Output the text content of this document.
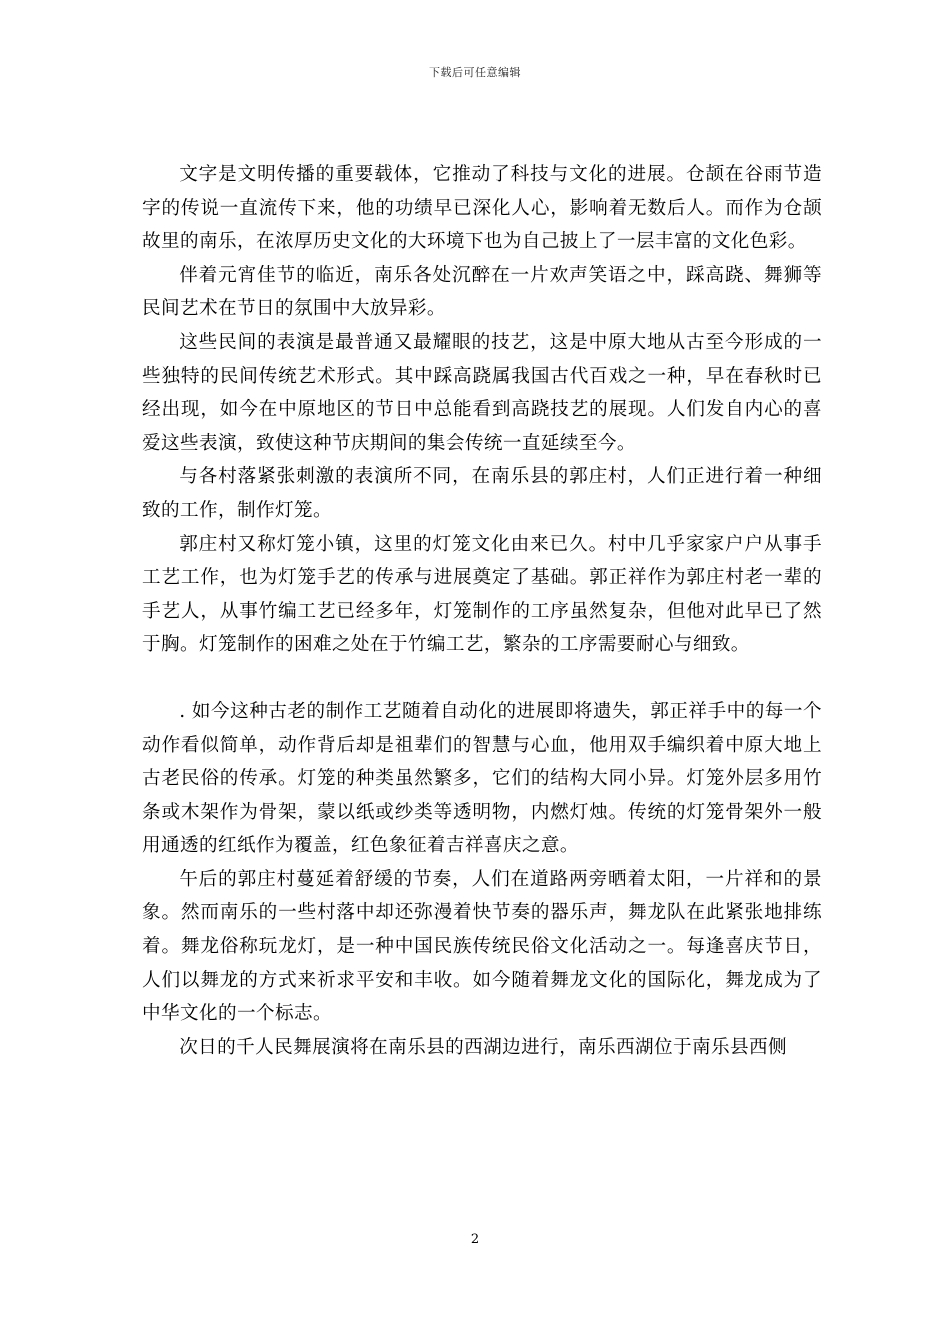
下载后可任意编辑

文字是文明传播的重要载体，它推动了科技与文化的进展。仓颉在谷雨节造字的传说一直流传下来，他的功绩早已深化人心，影响着无数后人。而作为仓颉故里的南乐，在浓厚历史文化的大环境下也为自己披上了一层丰富的文化色彩。

伴着元宵佳节的临近，南乐各处沉醉在一片欢声笑语之中，踩高跷、舞狮等民间艺术在节日的氛围中大放异彩。

这些民间的表演是最普通又最耀眼的技艺，这是中原大地从古至今形成的一些独特的民间传统艺术形式。其中踩高跷属我国古代百戏之一种，早在春秋时已经出现，如今在中原地区的节日中总能看到高跷技艺的展现。人们发自内心的喜爱这些表演，致使这种节庆期间的集会传统一直延续至今。

与各村落紧张刺激的表演所不同，在南乐县的郭庄村，人们正进行着一种细致的工作，制作灯笼。

郭庄村又称灯笼小镇，这里的灯笼文化由来已久。村中几乎家家户户从事手工艺工作，也为灯笼手艺的传承与进展奠定了基础。郭正祥作为郭庄村老一辈的手艺人，从事竹编工艺已经多年，灯笼制作的工序虽然复杂，但他对此早已了然于胸。灯笼制作的困难之处在于竹编工艺，繁杂的工序需要耐心与细致。

. 如今这种古老的制作工艺随着自动化的进展即将遗失，郭正祥手中的每一个动作看似简单，动作背后却是祖辈们的智慧与心血，他用双手编织着中原大地上古老民俗的传承。灯笼的种类虽然繁多，它们的结构大同小异。灯笼外层多用竹条或木架作为骨架，蒙以纸或纱类等透明物，内燃灯烛。传统的灯笼骨架外一般用通透的红纸作为覆盖，红色象征着吉祥喜庆之意。

午后的郭庄村蔓延着舒缓的节奏，人们在道路两旁晒着太阳，一片祥和的景象。然而南乐的一些村落中却还弥漫着快节奏的器乐声，舞龙队在此紧张地排练着。舞龙俗称玩龙灯，是一种中国民族传统民俗文化活动之一。每逢喜庆节日，人们以舞龙的方式来祈求平安和丰收。如今随着舞龙文化的国际化，舞龙成为了中华文化的一个标志。

次日的千人民舞展演将在南乐县的西湖边进行，南乐西湖位于南乐县西侧

2
